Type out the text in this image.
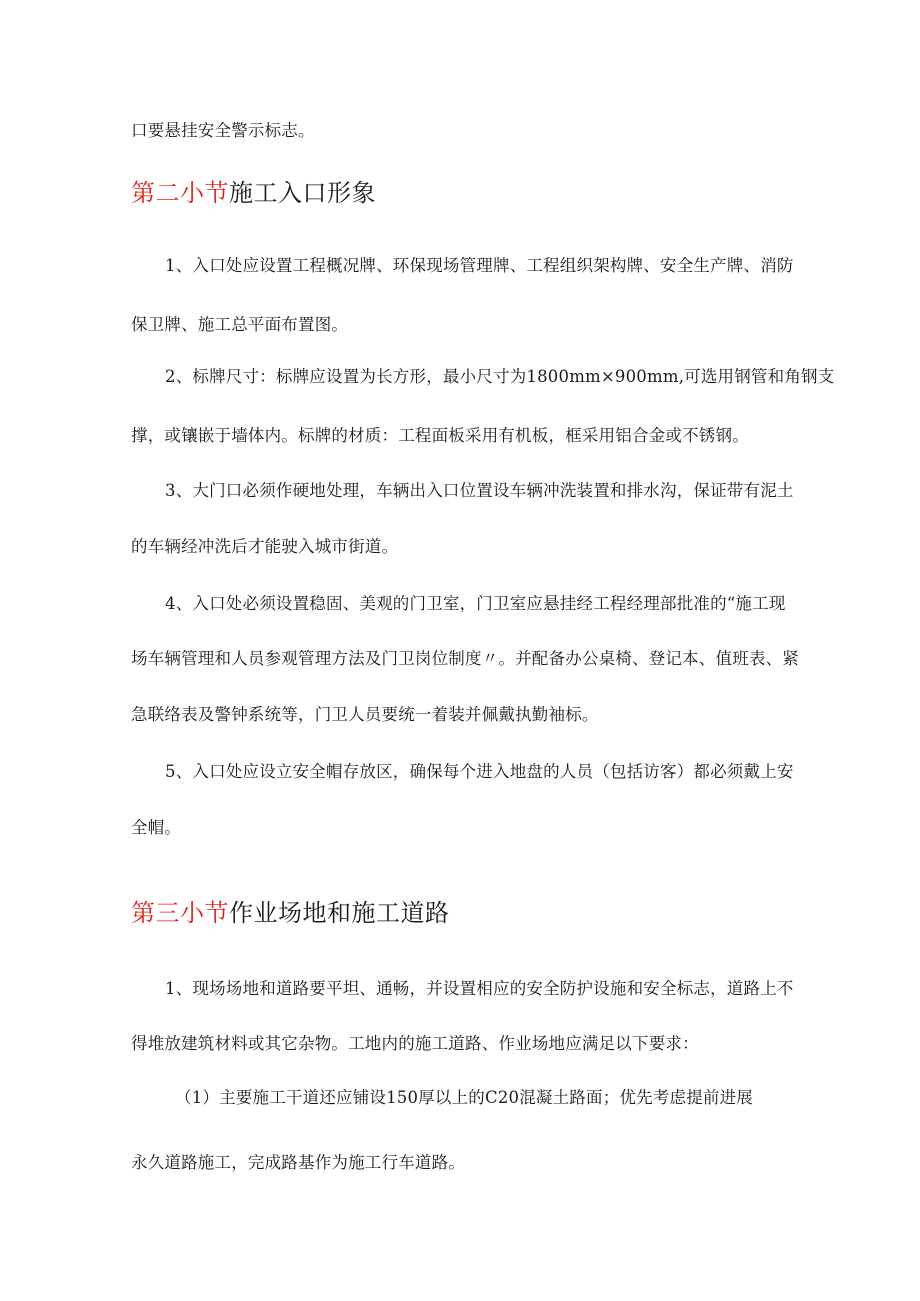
口要悬挂安全警示标志。
第二小节施工入口形象
1、入口处应设置工程概况牌、环保现场管理牌、工程组织架构牌、安全生产牌、消防
保卫牌、施工总平面布置图。
2、标牌尺寸：标牌应设置为长方形，最小尺寸为1800mm×900mm,可选用钢管和角钢支
撑，或镶嵌于墙体内。标牌的材质：工程面板采用有机板，框采用铝合金或不锈钢。
3、大门口必须作硬地处理，车辆出入口位置设车辆冲洗装置和排水沟，保证带有泥土
的车辆经冲洗后才能驶入城市街道。
4、入口处必须设置稳固、美观的门卫室，门卫室应悬挂经工程经理部批准的“施工现
场车辆管理和人员参观管理方法及门卫岗位制度〃。并配备办公桌椅、登记本、值班表、紧
急联络表及警钟系统等，门卫人员要统一着装并佩戴执勤袖标。
5、入口处应设立安全帽存放区，确保每个进入地盘的人员（包括访客）都必须戴上安
全帽。
第三小节作业场地和施工道路
1、现场场地和道路要平坦、通畅，并设置相应的安全防护设施和安全标志，道路上不
得堆放建筑材料或其它杂物。工地内的施工道路、作业场地应满足以下要求：
（1）主要施工干道还应铺设150厚以上的C20混凝土路面；优先考虑提前进展
永久道路施工，完成路基作为施工行车道路。
